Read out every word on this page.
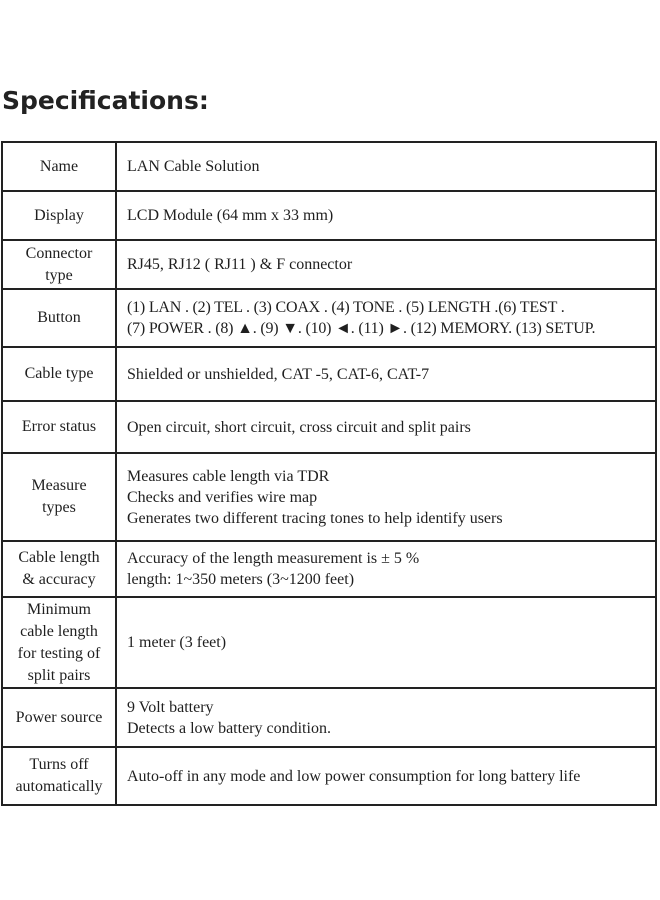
Specifications:
Name	LAN Cable Solution

Display	LCD Module (64 mm x 33 mm)

Connector
type	RJ45, RJ12 ( RJ11 ) & F connector

Button	(1) LAN . (2) TEL . (3) COAX . (4) TONE . (5) LENGTH .(6) TEST .
(7) POWER . (8) ▲. (9) ▼. (10) ◄. (11) ►. (12) MEMORY. (13) SETUP.

Cable type	Shielded or unshielded, CAT -5, CAT-6, CAT-7

Error status	Open circuit, short circuit, cross circuit and split pairs

Measure
types	Measures cable length via TDR
Checks and verifies wire map
Generates two different tracing tones to help identify users

Cable length
& accuracy	Accuracy of the length measurement is ± 5 %
length: 1~350 meters (3~1200 feet)

Minimum
cable length
for testing of
split pairs	1 meter (3 feet)

Power source	9 Volt battery
Detects a low battery condition.

Turns off
automatically	Auto-off in any mode and low power consumption for long battery life
